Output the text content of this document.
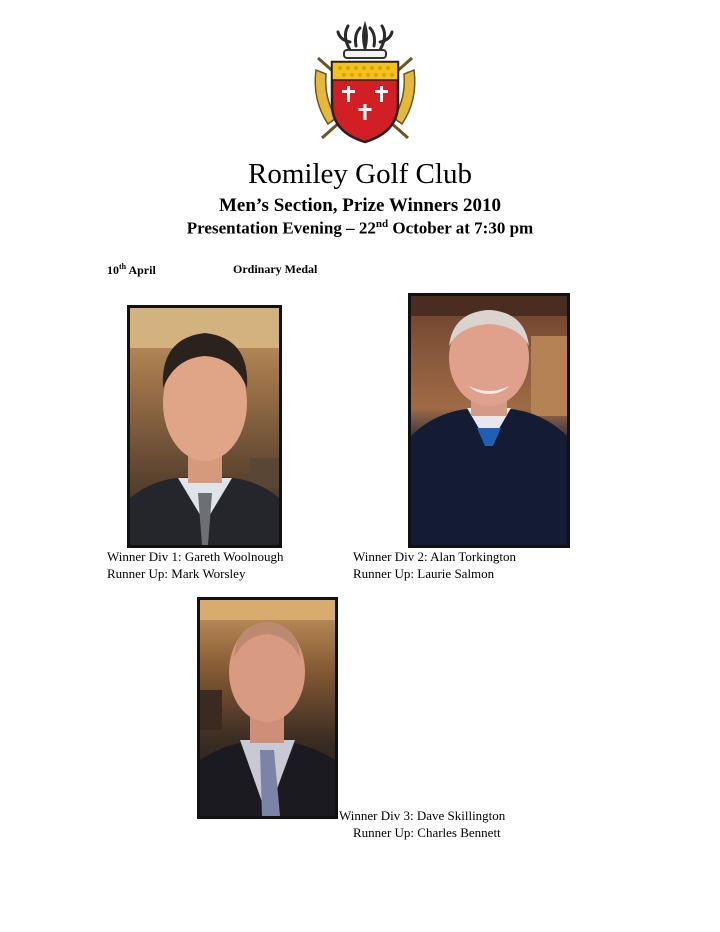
Romiley Golf Club
Men’s Section, Prize Winners 2010
Presentation Evening – 22nd October at 7:30 pm
10th April	Ordinary Medal
Winner Div 1: Gareth Woolnough
Runner Up: Mark Worsley
Winner Div 2: Alan Torkington
Runner Up: Laurie Salmon
Winner Div 3: Dave Skillington
Runner Up: Charles Bennett
